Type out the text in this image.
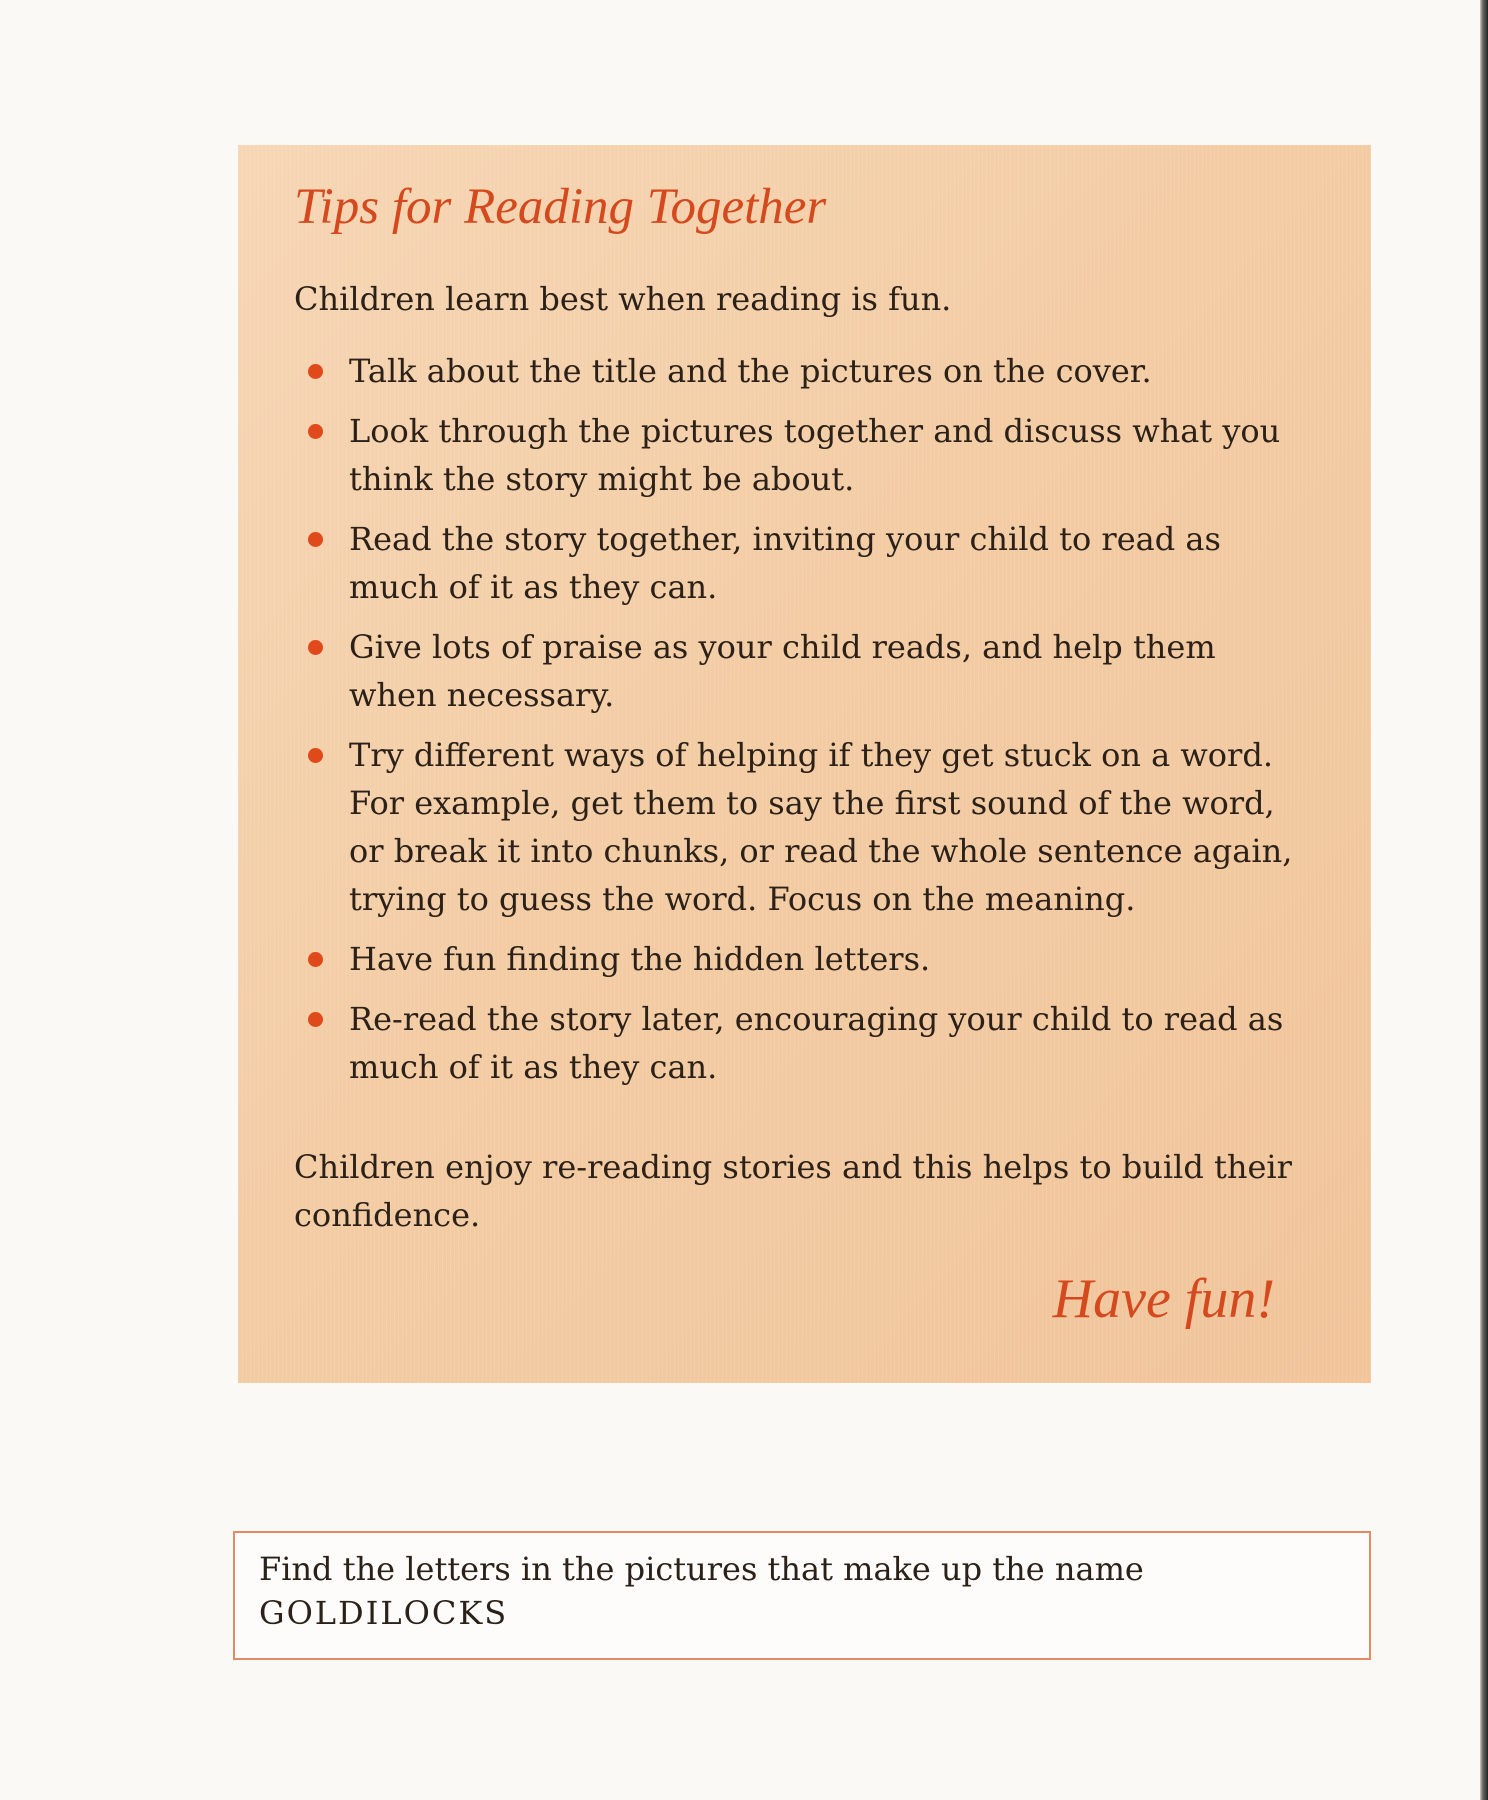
Tips for Reading Together

Children learn best when reading is fun.

Talk about the title and the pictures on the cover.
Look through the pictures together and discuss what you think the story might be about.
Read the story together, inviting your child to read as much of it as they can.
Give lots of praise as your child reads, and help them when necessary.
Try different ways of helping if they get stuck on a word. For example, get them to say the first sound of the word, or break it into chunks, or read the whole sentence again, trying to guess the word. Focus on the meaning.
Have fun finding the hidden letters.
Re-read the story later, encouraging your child to read as much of it as they can.

Children enjoy re-reading stories and this helps to build their confidence.

Have fun!

Find the letters in the pictures that make up the name
GOLDILOCKS
